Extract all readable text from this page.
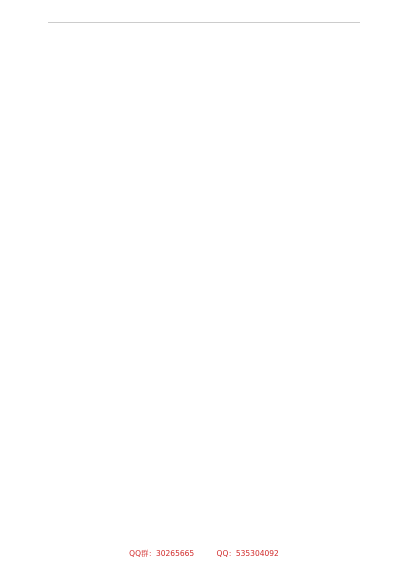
QQ群：30265665	QQ：535304092
